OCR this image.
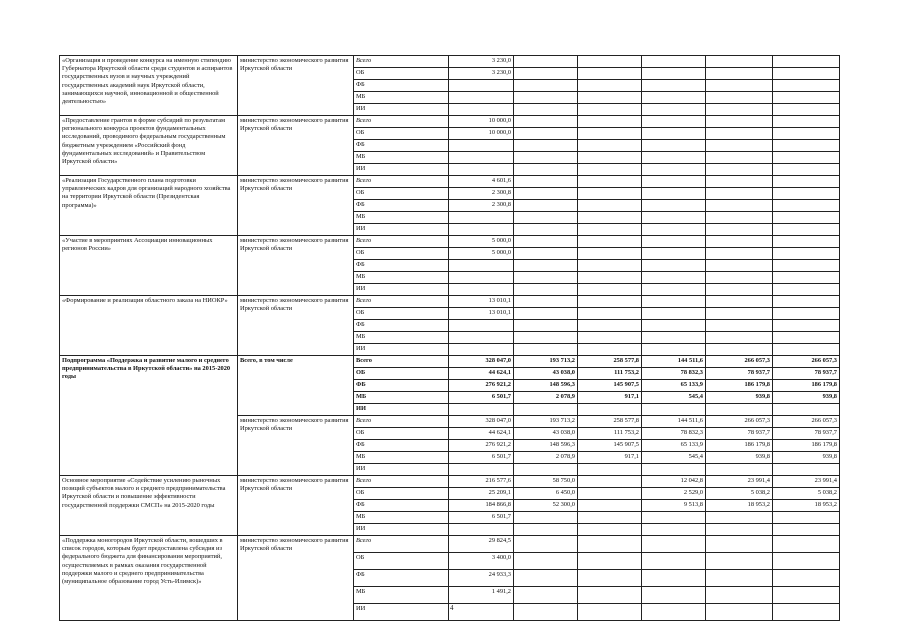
«Организация и проведение конкурса на именную стипендию Губернатора Иркутской области среди студентов и аспирантов государственных вузов и научных учреждений государственных академий наук Иркутской области, занимающихся научной, инновационной и общественной деятельностью»	министерство экономического развития Иркутской области	Всего	3 230,0					
		ОБ	3 230,0					
		ФБ						
		МБ						
		ИИ						
«Предоставление грантов в форме субсидий по результатам регионального конкурса проектов фундаментальных исследований, проводимого федеральным государственным бюджетным учреждением «Российский фонд фундаментальных исследований» и Правительством Иркутской области»	министерство экономического развития Иркутской области	Всего	10 000,0					
		ОБ	10 000,0					
		ФБ						
		МБ						
		ИИ						
«Реализация Государственного плана подготовки управленческих кадров для организаций народного хозяйства на территории Иркутской области (Президентская программа)»	министерство экономического развития Иркутской области	Всего	4 601,6					
		ОБ	2 300,8					
		ФБ	2 300,8					
		МБ						
		ИИ						
«Участие в мероприятиях Ассоциации инновационных регионов России»	министерство экономического развития Иркутской области	Всего	5 000,0					
		ОБ	5 000,0					
		ФБ						
		МБ						
		ИИ						
«Формирование и реализация областного заказа на НИОКР»	министерство экономического развития Иркутской области	Всего	13 010,1					
		ОБ	13 010,1					
		ФБ						
		МБ						
		ИИ						
Подпрограмма «Поддержка и развитие малого и среднего предпринимательства в Иркутской области» на 2015-2020 годы	Всего, в том числе	Всего	328 047,0	193 713,2	258 577,8	144 511,6	266 057,3	266 057,3
		ОБ	44 624,1	43 038,0	111 753,2	78 832,3	78 937,7	78 937,7
		ФБ	276 921,2	148 596,3	145 907,5	65 133,9	186 179,8	186 179,8
		МБ	6 501,7	2 078,9	917,1	545,4	939,8	939,8
		ИИ						
	министерство экономического развития Иркутской области	Всего	328 047,0	193 713,2	258 577,8	144 511,6	266 057,3	266 057,3
		ОБ	44 624,1	43 038,0	111 753,2	78 832,3	78 937,7	78 937,7
		ФБ	276 921,2	148 596,3	145 907,5	65 133,9	186 179,8	186 179,8
		МБ	6 501,7	2 078,9	917,1	545,4	939,8	939,8
		ИИ						
Основное мероприятие «Содействие усилению рыночных позиций субъектов малого и среднего предпринимательства Иркутской области и повышение эффективности государственной поддержки СМСП» на 2015-2020 годы	министерство экономического развития Иркутской области	Всего	216 577,6	58 750,0		12 042,8	23 991,4	23 991,4
		ОБ	25 209,1	6 450,0		2 529,0	5 038,2	5 038,2
		ФБ	184 866,8	52 300,0		9 513,8	18 953,2	18 953,2
		МБ	6 501,7					
		ИИ						
«Поддержка моногородов Иркутской области, вошедших в список городов, которым будет предоставлена субсидия из федерального бюджета для финансирования мероприятий, осуществляемых в рамках оказания государственной поддержки малого и среднего предпринимательства (муниципальное образование город Усть-Илимск)»	министерство экономического развития Иркутской области	Всего	29 824,5					
		ОБ	3 400,0					
		ФБ	24 933,3					
		МБ	1 491,2					
		ИИ							4
